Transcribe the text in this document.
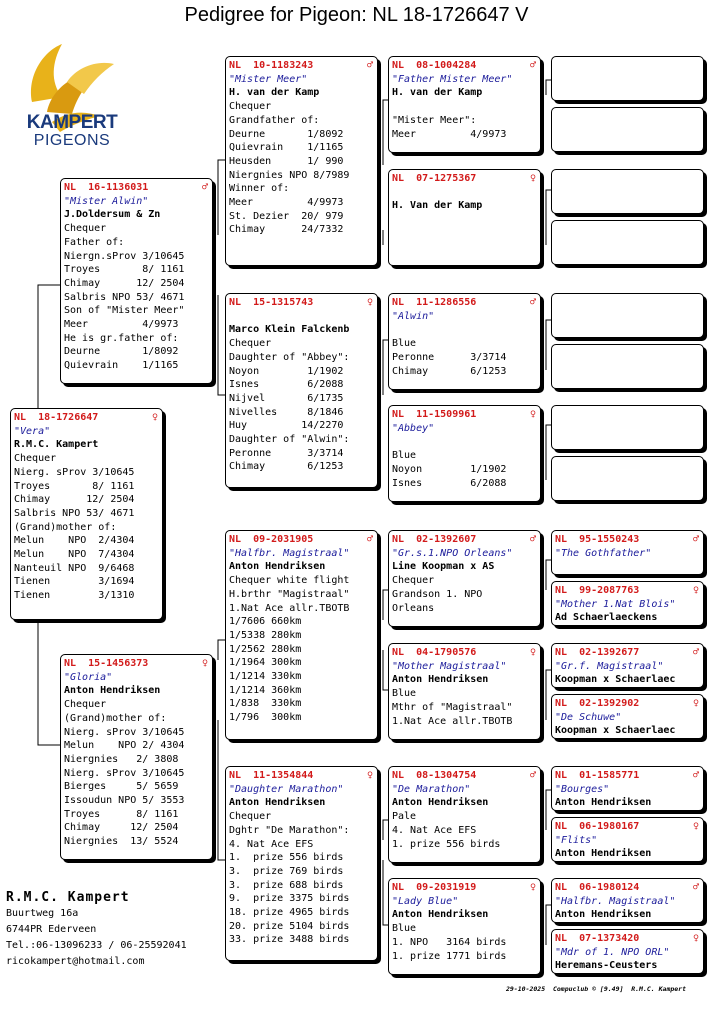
Pedigree for Pigeon: NL 18-1726647 V
KAMPERT
PIGEONS
NL  18-1726647	♀
"Vera"
R.M.C. Kampert
Chequer
Nierg. sProv 3/10645
Troyes       8/ 1161
Chimay      12/ 2504
Salbris NPO 53/ 4671
(Grand)mother of:
Melun    NPO  2/4304
Melun    NPO  7/4304
Nanteuil NPO  9/6468
Tienen        3/1694
Tienen        3/1310
NL  16-1136031	♂
"Mister Alwin"
J.Doldersum & Zn
Chequer
Father of:
Niergn.sProv 3/10645
Troyes       8/ 1161
Chimay      12/ 2504
Salbris NPO 53/ 4671
Son of "Mister Meer"
Meer         4/9973
He is gr.father of:
Deurne       1/8092
Quievrain    1/1165
NL  15-1456373	♀
"Gloria"
Anton Hendriksen
Chequer
(Grand)mother of:
Nierg. sProv 3/10645
Melun    NPO 2/ 4304
Niergnies   2/ 3808
Nierg. sProv 3/10645
Bierges     5/ 5659
Issoudun NPO 5/ 3553
Troyes      8/ 1161
Chimay     12/ 2504
Niergnies  13/ 5524
NL  10-1183243	♂
"Mister Meer"
H. van der Kamp
Chequer
Grandfather of:
Deurne       1/8092
Quievrain    1/1165
Heusden      1/ 990
Niergnies NPO 8/7989
Winner of:
Meer         4/9973
St. Dezier  20/ 979
Chimay      24/7332
NL  15-1315743	♀

Marco Klein Falckenb
Chequer
Daughter of "Abbey":
Noyon        1/1902
Isnes        6/2088
Nijvel       6/1735
Nivelles     8/1846
Huy         14/2270
Daughter of "Alwin":
Peronne      3/3714
Chimay       6/1253
NL  09-2031905	♂
"Halfbr. Magistraal"
Anton Hendriksen
Chequer white flight
H.brthr "Magistraal"
1.Nat Ace allr.TBOTB
1/7606 660km
1/5338 280km
1/2562 280km
1/1964 300km
1/1214 330km
1/1214 360km
1/838  330km
1/796  300km
NL  11-1354844	♀
"Daughter Marathon"
Anton Hendriksen
Chequer
Dghtr "De Marathon":
4. Nat Ace EFS
1.  prize 556 birds
3.  prize 769 birds
3.  prize 688 birds
9.  prize 3375 birds
18. prize 4965 birds
20. prize 5104 birds
33. prize 3488 birds
NL  08-1004284	♂
"Father Mister Meer"
H. van der Kamp

"Mister Meer":
Meer         4/9973
NL  07-1275367	♀

H. Van der Kamp
NL  11-1286556	♂
"Alwin"

Blue
Peronne      3/3714
Chimay       6/1253
NL  11-1509961	♀
"Abbey"

Blue
Noyon        1/1902
Isnes        6/2088
NL  02-1392607	♂
"Gr.s.1.NPO Orleans"
Line Koopman x AS
Chequer
Grandson 1. NPO
Orleans
NL  04-1790576	♀
"Mother Magistraal"
Anton Hendriksen
Blue
Mthr of "Magistraal"
1.Nat Ace allr.TBOTB
NL  08-1304754	♂
"De Marathon"
Anton Hendriksen
Pale
4. Nat Ace EFS
1. prize 556 birds
NL  09-2031919	♀
"Lady Blue"
Anton Hendriksen
Blue
1. NPO   3164 birds
1. prize 1771 birds
NL  95-1550243	♂
"The Gothfather"
NL  99-2087763	♀
"Mother 1.Nat Blois"
Ad Schaerlaeckens
NL  02-1392677	♂
"Gr.f. Magistraal"
Koopman x Schaerlaec
NL  02-1392902	♀
"De Schuwe"
Koopman x Schaerlaec
NL  01-1585771	♂
"Bourges"
Anton Hendriksen
NL  06-1980167	♀
"Flits"
Anton Hendriksen
NL  06-1980124	♂
"Halfbr. Magistraal"
Anton Hendriksen
NL  07-1373420	♀
"Mdr of 1. NPO ORL"
Heremans-Ceusters
R.M.C. Kampert
Buurtweg 16a
6744PR Ederveen
Tel.:06-13096233 / 06-25592041
ricokampert@hotmail.com
29-10-2025  Compuclub © [9.49]  R.M.C. Kampert
